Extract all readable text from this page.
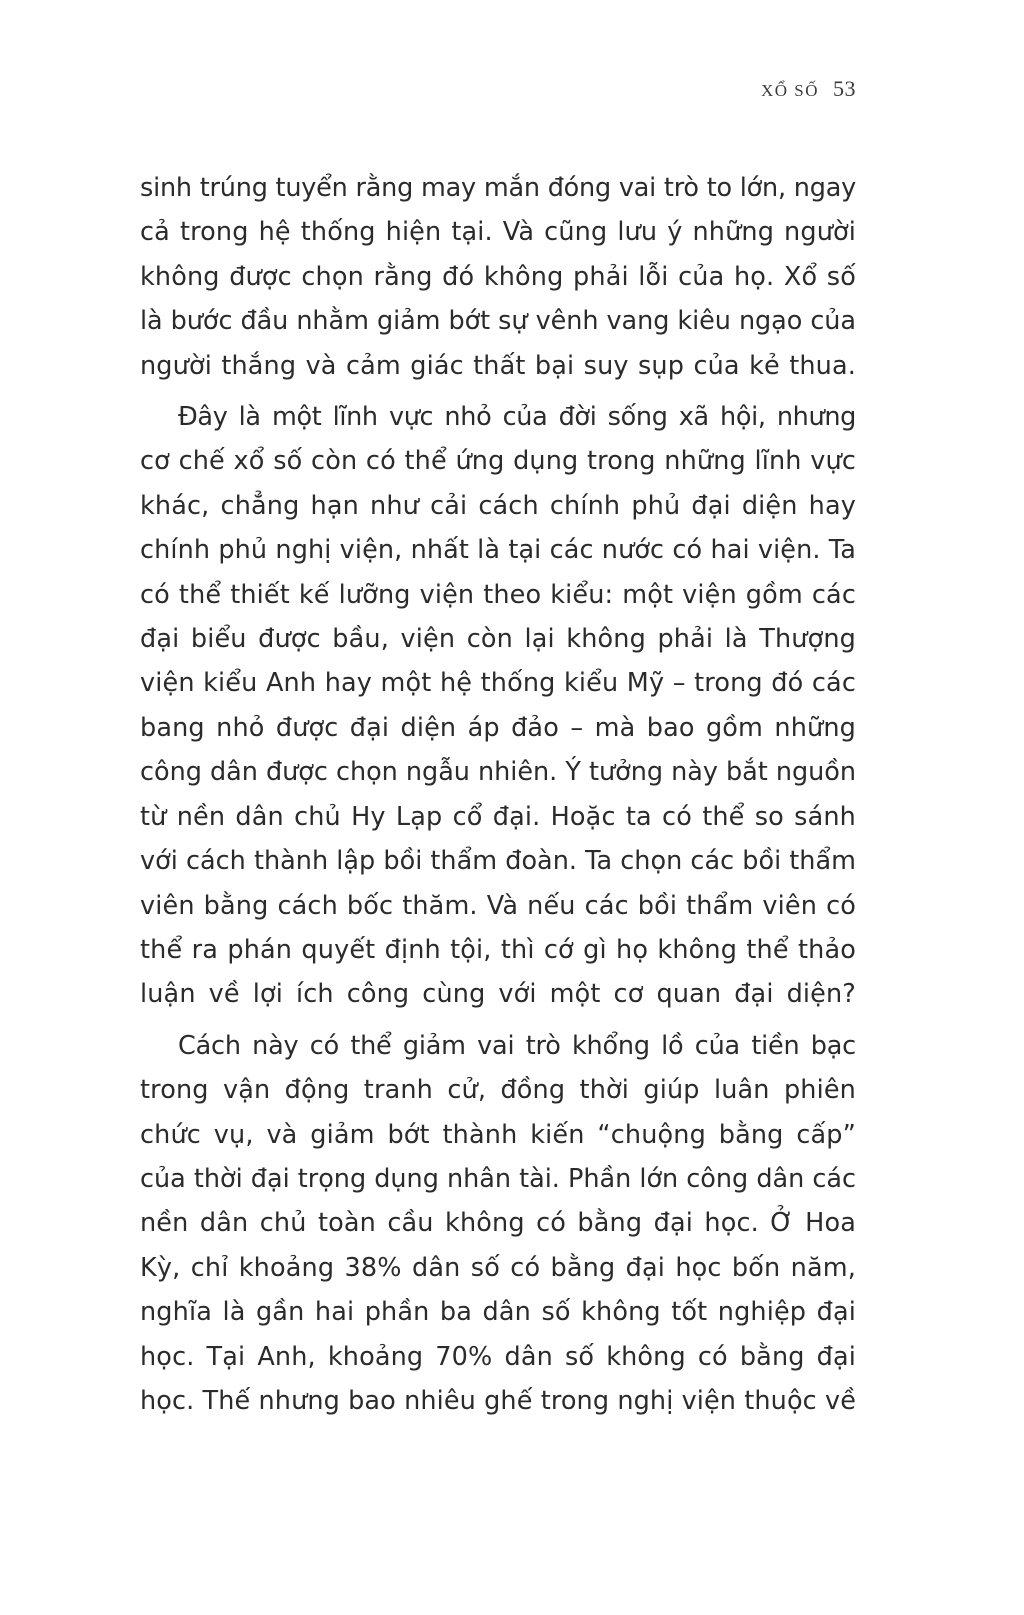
XỔ SỐ 53

sinh trúng tuyển rằng may mắn đóng vai trò to lớn, ngay
cả trong hệ thống hiện tại. Và cũng lưu ý những người
không được chọn rằng đó không phải lỗi của họ. Xổ số
là bước đầu nhằm giảm bớt sự vênh vang kiêu ngạo của
người thắng và cảm giác thất bại suy sụp của kẻ thua.

Đây là một lĩnh vực nhỏ của đời sống xã hội, nhưng
cơ chế xổ số còn có thể ứng dụng trong những lĩnh vực
khác, chẳng hạn như cải cách chính phủ đại diện hay
chính phủ nghị viện, nhất là tại các nước có hai viện. Ta
có thể thiết kế lưỡng viện theo kiểu: một viện gồm các
đại biểu được bầu, viện còn lại không phải là Thượng
viện kiểu Anh hay một hệ thống kiểu Mỹ – trong đó các
bang nhỏ được đại diện áp đảo – mà bao gồm những
công dân được chọn ngẫu nhiên. Ý tưởng này bắt nguồn
từ nền dân chủ Hy Lạp cổ đại. Hoặc ta có thể so sánh
với cách thành lập bồi thẩm đoàn. Ta chọn các bồi thẩm
viên bằng cách bốc thăm. Và nếu các bồi thẩm viên có
thể ra phán quyết định tội, thì cớ gì họ không thể thảo
luận về lợi ích công cùng với một cơ quan đại diện?

Cách này có thể giảm vai trò khổng lồ của tiền bạc
trong vận động tranh cử, đồng thời giúp luân phiên
chức vụ, và giảm bớt thành kiến “chuộng bằng cấp”
của thời đại trọng dụng nhân tài. Phần lớn công dân các
nền dân chủ toàn cầu không có bằng đại học. Ở Hoa
Kỳ, chỉ khoảng 38% dân số có bằng đại học bốn năm,
nghĩa là gần hai phần ba dân số không tốt nghiệp đại
học. Tại Anh, khoảng 70% dân số không có bằng đại
học. Thế nhưng bao nhiêu ghế trong nghị viện thuộc về
